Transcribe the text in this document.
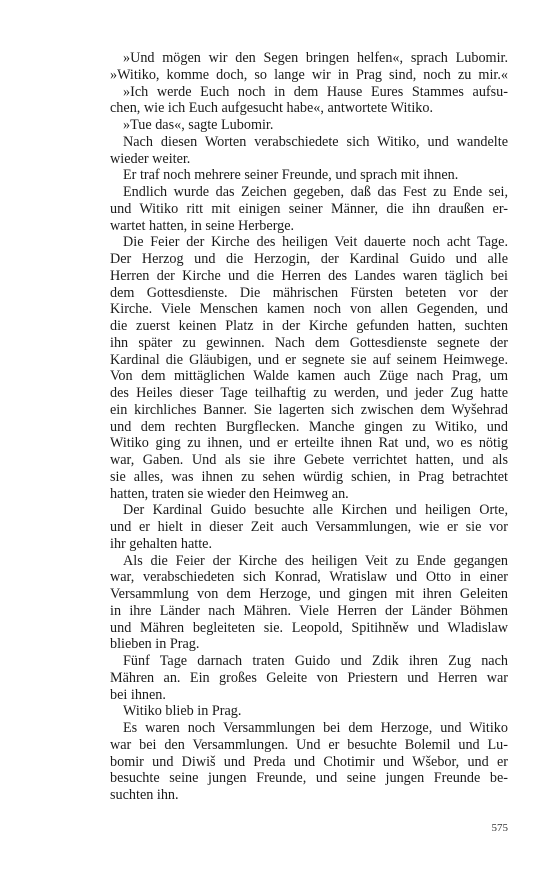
»Und mögen wir den Segen bringen helfen«, sprach Lubomir.
»Witiko, komme doch, so lange wir in Prag sind, noch zu mir.«
»Ich werde Euch noch in dem Hause Eures Stammes aufsu-
chen, wie ich Euch aufgesucht habe«, antwortete Witiko.
»Tue das«, sagte Lubomir.
Nach diesen Worten verabschiedete sich Witiko, und wandelte
wieder weiter.
Er traf noch mehrere seiner Freunde, und sprach mit ihnen.
Endlich wurde das Zeichen gegeben, daß das Fest zu Ende sei,
und Witiko ritt mit einigen seiner Männer, die ihn draußen er-
wartet hatten, in seine Herberge.
Die Feier der Kirche des heiligen Veit dauerte noch acht Tage.
Der Herzog und die Herzogin, der Kardinal Guido und alle
Herren der Kirche und die Herren des Landes waren täglich bei
dem Gottesdienste. Die mährischen Fürsten beteten vor der
Kirche. Viele Menschen kamen noch von allen Gegenden, und
die zuerst keinen Platz in der Kirche gefunden hatten, suchten
ihn später zu gewinnen. Nach dem Gottesdienste segnete der
Kardinal die Gläubigen, und er segnete sie auf seinem Heimwege.
Von dem mittäglichen Walde kamen auch Züge nach Prag, um
des Heiles dieser Tage teilhaftig zu werden, und jeder Zug hatte
ein kirchliches Banner. Sie lagerten sich zwischen dem Wyšehrad
und dem rechten Burgflecken. Manche gingen zu Witiko, und
Witiko ging zu ihnen, und er erteilte ihnen Rat und, wo es nötig
war, Gaben. Und als sie ihre Gebete verrichtet hatten, und als
sie alles, was ihnen zu sehen würdig schien, in Prag betrachtet
hatten, traten sie wieder den Heimweg an.
Der Kardinal Guido besuchte alle Kirchen und heiligen Orte,
und er hielt in dieser Zeit auch Versammlungen, wie er sie vor
ihr gehalten hatte.
Als die Feier der Kirche des heiligen Veit zu Ende gegangen
war, verabschiedeten sich Konrad, Wratislaw und Otto in einer
Versammlung von dem Herzoge, und gingen mit ihren Geleiten
in ihre Länder nach Mähren. Viele Herren der Länder Böhmen
und Mähren begleiteten sie. Leopold, Spitihněw und Wladislaw
blieben in Prag.
Fünf Tage darnach traten Guido und Zdik ihren Zug nach
Mähren an. Ein großes Geleite von Priestern und Herren war
bei ihnen.
Witiko blieb in Prag.
Es waren noch Versammlungen bei dem Herzoge, und Witiko
war bei den Versammlungen. Und er besuchte Bolemil und Lu-
bomir und Diwiš und Preda und Chotimir und Wšebor, und er
besuchte seine jungen Freunde, und seine jungen Freunde be-
suchten ihn.
575
